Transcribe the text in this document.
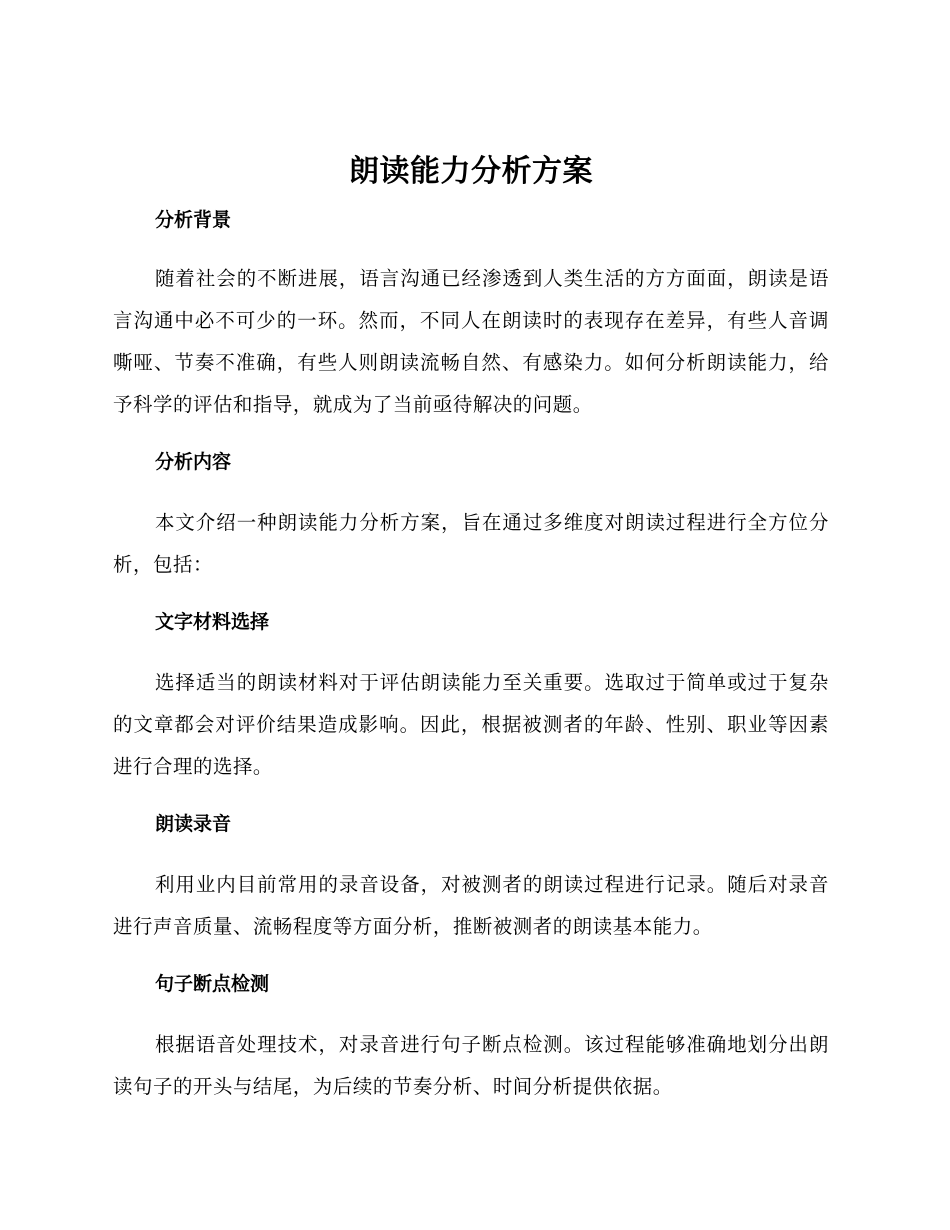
朗读能力分析方案
分析背景

随着社会的不断进展，语言沟通已经渗透到人类生活的方方面面，朗读是语言沟通中必不可少的一环。然而，不同人在朗读时的表现存在差异，有些人音调嘶哑、节奏不准确，有些人则朗读流畅自然、有感染力。如何分析朗读能力，给予科学的评估和指导，就成为了当前亟待解决的问题。

分析内容

本文介绍一种朗读能力分析方案，旨在通过多维度对朗读过程进行全方位分析，包括：

文字材料选择

选择适当的朗读材料对于评估朗读能力至关重要。选取过于简单或过于复杂的文章都会对评价结果造成影响。因此，根据被测者的年龄、性别、职业等因素进行合理的选择。

朗读录音

利用业内目前常用的录音设备，对被测者的朗读过程进行记录。随后对录音进行声音质量、流畅程度等方面分析，推断被测者的朗读基本能力。

句子断点检测

根据语音处理技术，对录音进行句子断点检测。该过程能够准确地划分出朗读句子的开头与结尾，为后续的节奏分析、时间分析提供依据。
